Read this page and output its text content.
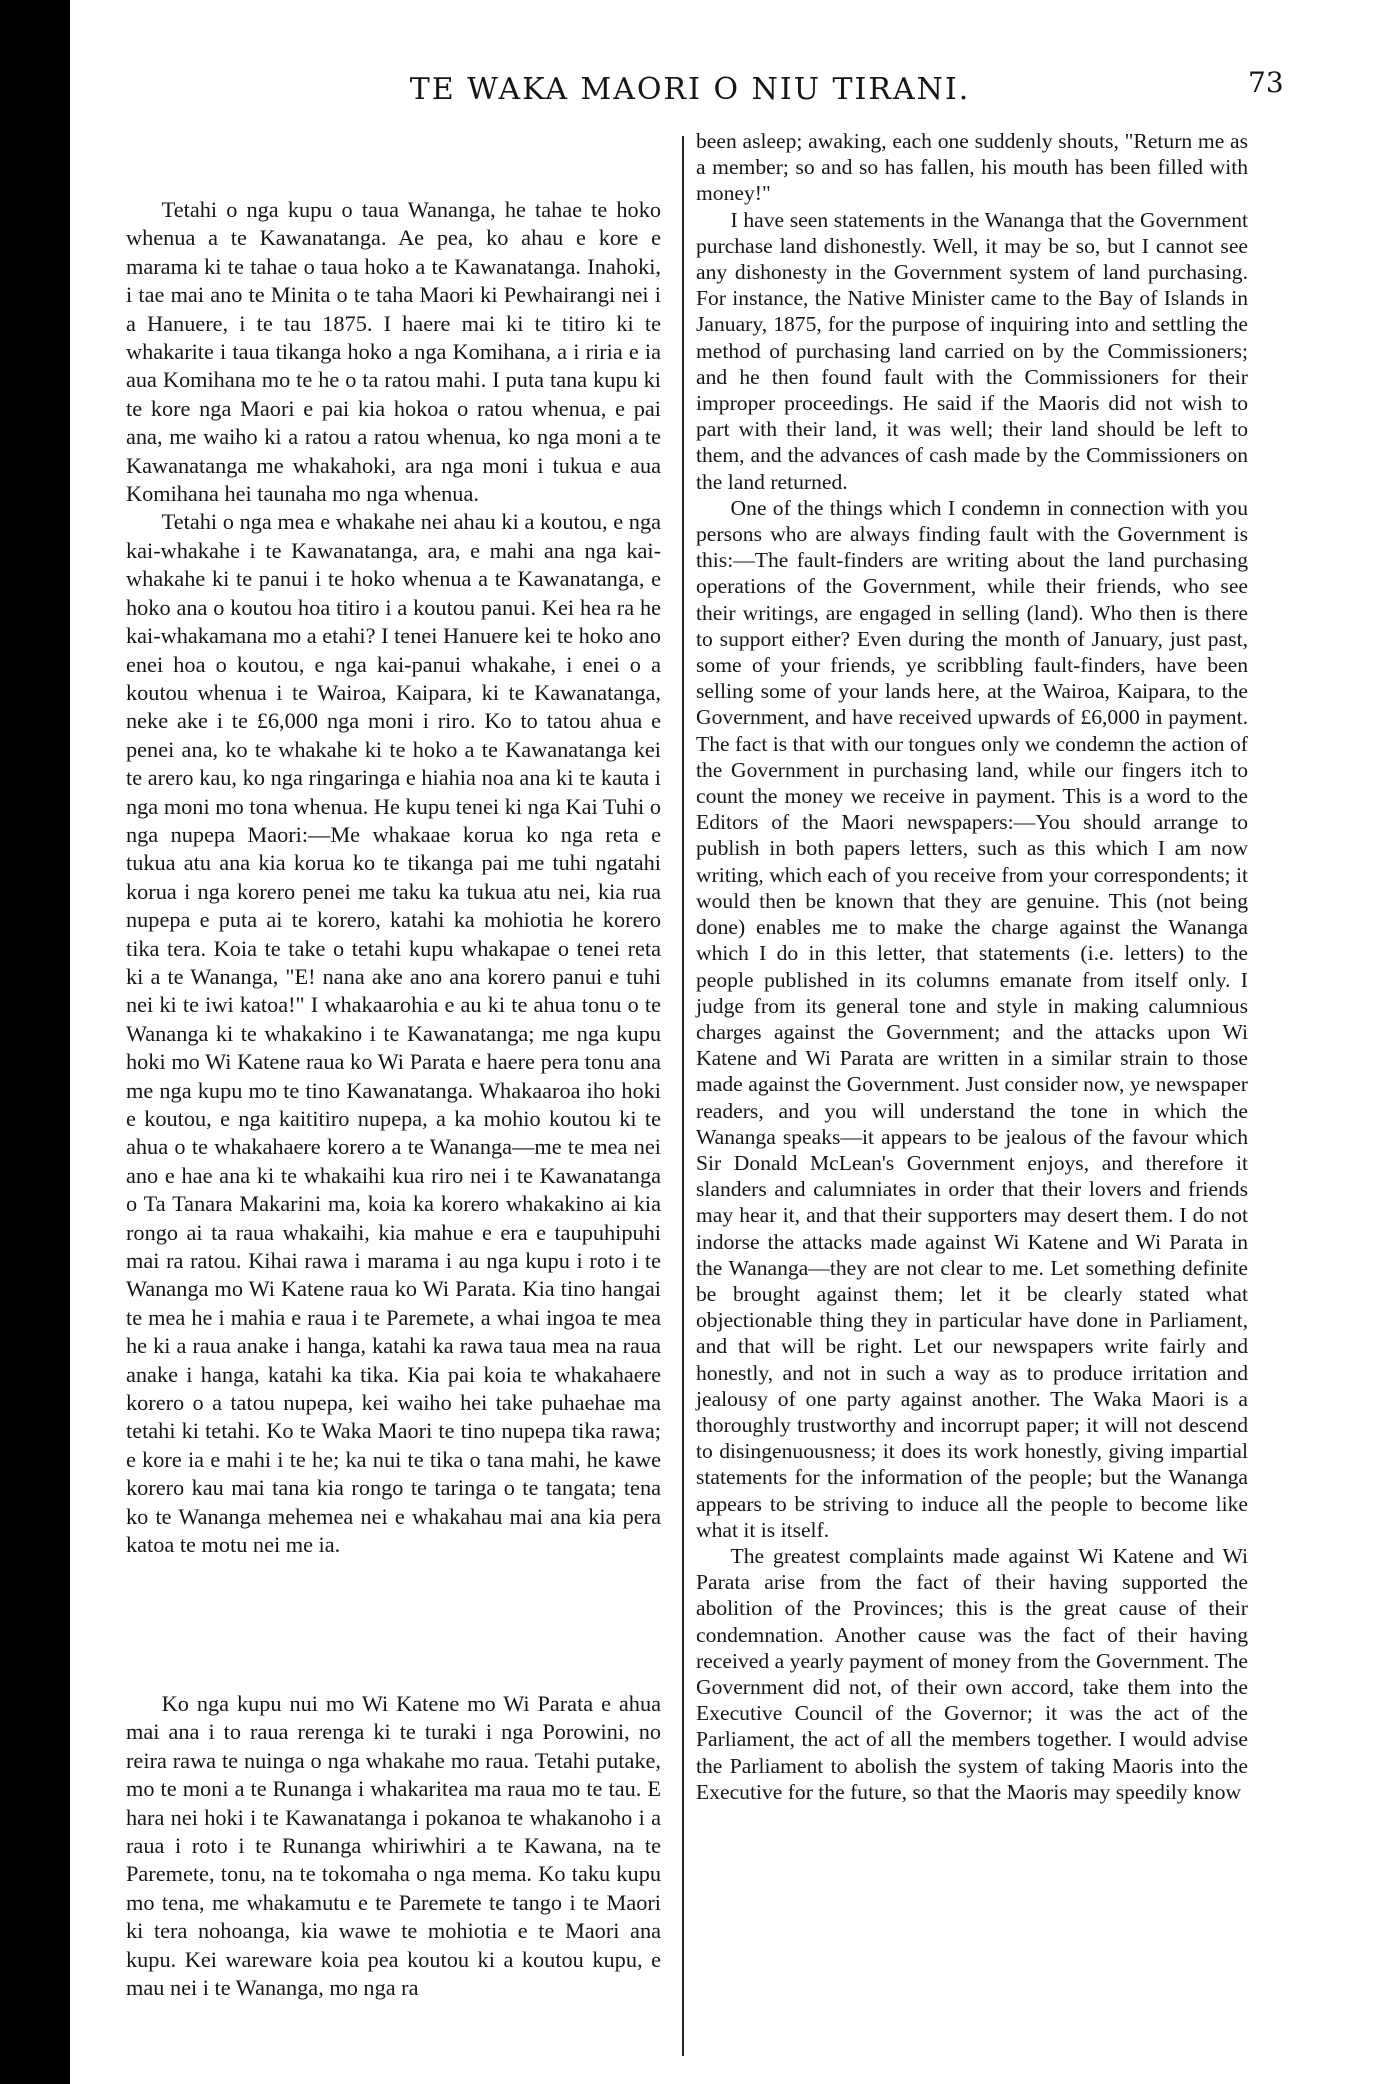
TE WAKA MAORI O NIU TIRANI.	73

Tetahi o nga kupu o taua Wananga, he tahae te hoko whenua a te Kawanatanga. Ae pea, ko ahau e kore e marama ki te tahae o taua hoko a te Kawanatanga. Inahoki, i tae mai ano te Minita o te taha Maori ki Pewhairangi nei i a Hanuere, i te tau 1875. I haere mai ki te titiro ki te whakarite i taua tikanga hoko a nga Komihana, a i riria e ia aua Komihana mo te he o ta ratou mahi. I puta tana kupu ki te kore nga Maori e pai kia hokoa o ratou whenua, e pai ana, me waiho ki a ratou a ratou whenua, ko nga moni a te Kawanatanga me whakahoki, ara nga moni i tukua e aua Komihana hei taunaha mo nga whenua.

Tetahi o nga mea e whakahe nei ahau ki a koutou, e nga kai-whakahe i te Kawanatanga, ara, e mahi ana nga kai-whakahe ki te panui i te hoko whenua a te Kawanatanga, e hoko ana o koutou hoa titiro i a koutou panui. Kei hea ra he kai-whakamana mo a etahi? I tenei Hanuere kei te hoko ano enei hoa o koutou, e nga kai-panui whakahe, i enei o a koutou whenua i te Wairoa, Kaipara, ki te Kawanatanga, neke ake i te £6,000 nga moni i riro. Ko to tatou ahua e penei ana, ko te whakahe ki te hoko a te Kawanatanga kei te arero kau, ko nga ringaringa e hiahia noa ana ki te kauta i nga moni mo tona whenua. He kupu tenei ki nga Kai Tuhi o nga nupepa Maori:—Me whakaae korua ko nga reta e tukua atu ana kia korua ko te tikanga pai me tuhi ngatahi korua i nga korero penei me taku ka tukua atu nei, kia rua nupepa e puta ai te korero, katahi ka mohiotia he korero tika tera. Koia te take o tetahi kupu whakapae o tenei reta ki a te Wananga, "E! nana ake ano ana korero panui e tuhi nei ki te iwi katoa!" I whakaarohia e au ki te ahua tonu o te Wananga ki te whakakino i te Kawanatanga; me nga kupu hoki mo Wi Katene raua ko Wi Parata e haere pera tonu ana me nga kupu mo te tino Kawanatanga. Whakaaroa iho hoki e koutou, e nga kaititiro nupepa, a ka mohio koutou ki te ahua o te whakahaere korero a te Wananga—me te mea nei ano e hae ana ki te whakaihi kua riro nei i te Kawanatanga o Ta Tanara Makarini ma, koia ka korero whakakino ai kia rongo ai ta raua whakaihi, kia mahue e era e taupuhipuhi mai ra ratou. Kihai rawa i marama i au nga kupu i roto i te Wananga mo Wi Katene raua ko Wi Parata. Kia tino hangai te mea he i mahia e raua i te Paremete, a whai ingoa te mea he ki a raua anake i hanga, katahi ka rawa taua mea na raua anake i hanga, katahi ka tika. Kia pai koia te whakahaere korero o a tatou nupepa, kei waiho hei take puhaehae ma tetahi ki tetahi. Ko te Waka Maori te tino nupepa tika rawa; e kore ia e mahi i te he; ka nui te tika o tana mahi, he kawe korero kau mai tana kia rongo te taringa o te tangata; tena ko te Wananga mehemea nei e whakahau mai ana kia pera katoa te motu nei me ia.

Ko nga kupu nui mo Wi Katene mo Wi Parata e ahua mai ana i to raua rerenga ki te turaki i nga Porowini, no reira rawa te nuinga o nga whakahe mo raua. Tetahi putake, mo te moni a te Runanga i whakaritea ma raua mo te tau. E hara nei hoki i te Kawanatanga i pokanoa te whakanoho i a raua i roto i te Runanga whiriwhiri a te Kawana, na te Paremete, tonu, na te tokomaha o nga mema. Ko taku kupu mo tena, me whakamutu e te Paremete te tango i te Maori ki tera nohoanga, kia wawe te mohiotia e te Maori ana kupu. Kei wareware koia pea koutou ki a koutou kupu, e mau nei i te Wananga, mo nga ra

been asleep; awaking, each one suddenly shouts, "Return me as a member; so and so has fallen, his mouth has been filled with money!"

I have seen statements in the Wananga that the Government purchase land dishonestly. Well, it may be so, but I cannot see any dishonesty in the Government system of land purchasing. For instance, the Native Minister came to the Bay of Islands in January, 1875, for the purpose of inquiring into and settling the method of purchasing land carried on by the Commissioners; and he then found fault with the Commissioners for their improper proceedings. He said if the Maoris did not wish to part with their land, it was well; their land should be left to them, and the advances of cash made by the Commissioners on the land returned.

One of the things which I condemn in connection with you persons who are always finding fault with the Government is this:—The fault-finders are writing about the land purchasing operations of the Government, while their friends, who see their writings, are engaged in selling (land). Who then is there to support either? Even during the month of January, just past, some of your friends, ye scribbling fault-finders, have been selling some of your lands here, at the Wairoa, Kaipara, to the Government, and have received upwards of £6,000 in payment. The fact is that with our tongues only we condemn the action of the Government in purchasing land, while our fingers itch to count the money we receive in payment. This is a word to the Editors of the Maori newspapers:—You should arrange to publish in both papers letters, such as this which I am now writing, which each of you receive from your correspondents; it would then be known that they are genuine. This (not being done) enables me to make the charge against the Wananga which I do in this letter, that statements (i.e. letters) to the people published in its columns emanate from itself only. I judge from its general tone and style in making calumnious charges against the Government; and the attacks upon Wi Katene and Wi Parata are written in a similar strain to those made against the Government. Just consider now, ye newspaper readers, and you will understand the tone in which the Wananga speaks—it appears to be jealous of the favour which Sir Donald McLean's Government enjoys, and therefore it slanders and calumniates in order that their lovers and friends may hear it, and that their supporters may desert them. I do not indorse the attacks made against Wi Katene and Wi Parata in the Wananga—they are not clear to me. Let something definite be brought against them; let it be clearly stated what objectionable thing they in particular have done in Parliament, and that will be right. Let our newspapers write fairly and honestly, and not in such a way as to produce irritation and jealousy of one party against another. The Waka Maori is a thoroughly trustworthy and incorrupt paper; it will not descend to disingenuousness; it does its work honestly, giving impartial statements for the information of the people; but the Wananga appears to be striving to induce all the people to become like what it is itself.

The greatest complaints made against Wi Katene and Wi Parata arise from the fact of their having supported the abolition of the Provinces; this is the great cause of their condemnation. Another cause was the fact of their having received a yearly payment of money from the Government. The Government did not, of their own accord, take them into the Executive Council of the Governor; it was the act of the Parliament, the act of all the members together. I would advise the Parliament to abolish the system of taking Maoris into the Executive for the future, so that the Maoris may speedily know
